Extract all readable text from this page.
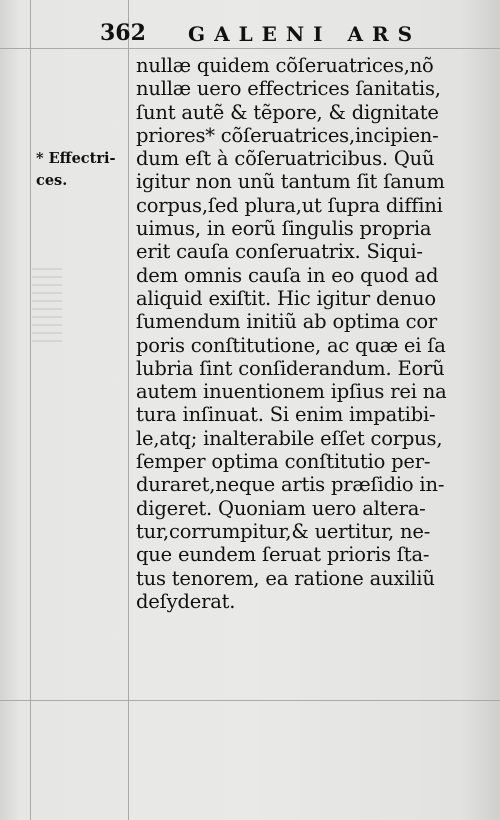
362 GALENI ARS
* Effectri-
ces.
nullæ quidem cõſeruatrices,nõ
nullæ uero effectrices ſanitatis,
ſunt autẽ & tẽpore, & dignitate
priores* cõſeruatrices,incipien-
dum eſt à cõſeruatricibus. Quũ
igitur non unũ tantum ſit ſanum
corpus,ſed plura,ut ſupra diffini
uimus, in eorũ ſingulis propria
erit cauſa conſeruatrix. Siqui-
dem omnis cauſa in eo quod ad
aliquid exiſtit. Hic igitur denuo
ſumendum initiũ ab optima cor
poris conſtitutione, ac quæ ei ſa
lubria ſint conſiderandum. Eorũ
autem inuentionem ipſius rei na
tura inſinuat. Si enim impatibi-
le,atq; inalterabile eſſet corpus,
ſemper optima conſtitutio per-
duraret,neque artis præſidio in-
digeret. Quoniam uero altera-
tur,corrumpitur,& uertitur, ne-
que eundem ſeruat prioris ſta-
tus tenorem, ea ratione auxiliũ
deſyderat.
